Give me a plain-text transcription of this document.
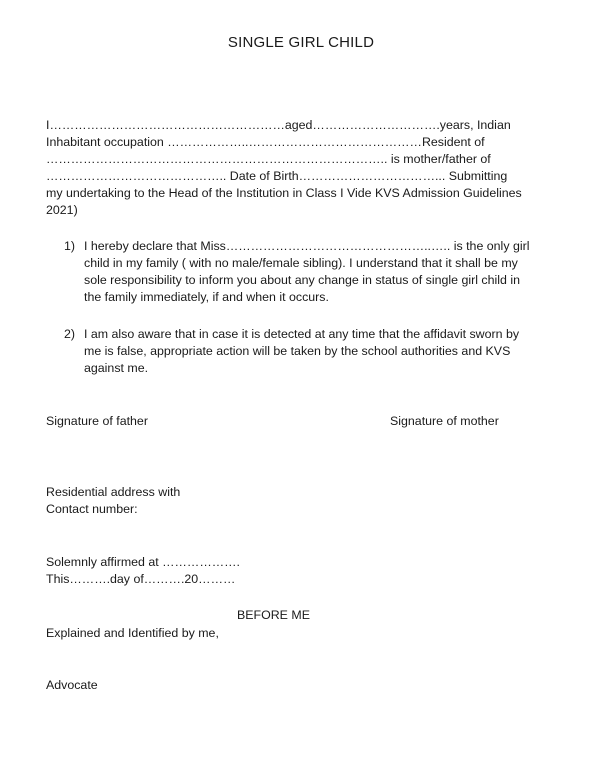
SINGLE GIRL CHILD
I…………………………………………………aged………………………….years, Indian
Inhabitant occupation ………………..……………………………………Resident of
……………………………………………………………………….. is mother/father of
…………………………………….. Date of Birth……………………………... Submitting
my undertaking to the Head of the Institution in Class I Vide KVS Admission Guidelines
2021)
1) I hereby declare that Miss…………………………………………..….. is the only girl
child in my family ( with no male/female sibling). I understand that it shall be my
sole responsibility to inform you about any change in status of single girl child in
the family immediately, if and when it occurs.
2) I am also aware that in case it is detected at any time that the affidavit sworn by
me is false, appropriate action will be taken by the school authorities and KVS
against me.
Signature of father	Signature of mother
Residential address with
Contact number:
Solemnly affirmed at ……………….
This……….day of……….20………
BEFORE ME
Explained and Identified by me,
Advocate
